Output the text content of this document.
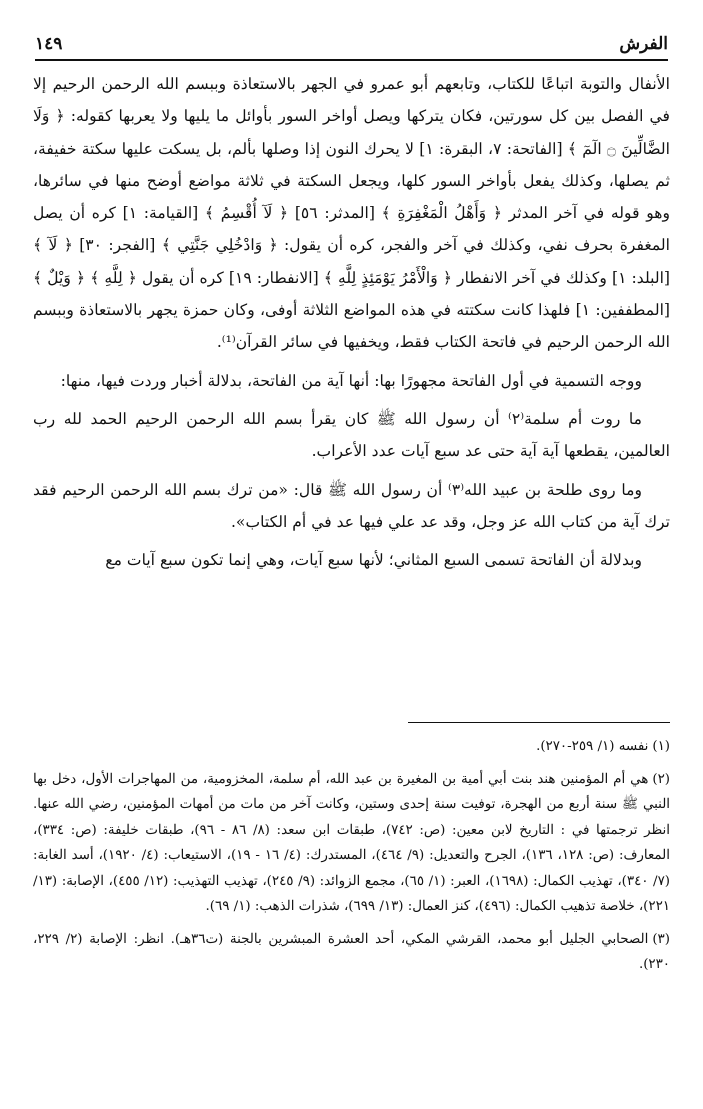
الفرش
١٤٩

الأنفال والتوبة اتباعًا للكتاب، وتابعهم أبو عمرو في الجهر بالاستعاذة وببسم الله الرحمن الرحيم إلا في الفصل بين كل سورتين، فكان يتركها ويصل أواخر السور بأوائل ما يليها ولا يعربها كقوله: ﴿ وَلَا الضَّالِّينَ ۝ الٓمٓ ﴾ [الفاتحة: ٧، البقرة: ١] لا يحرك النون إذا وصلها بألم، بل يسكت عليها سكتة خفيفة، ثم يصلها، وكذلك يفعل بأواخر السور كلها، ويجعل السكتة في ثلاثة مواضع أوضح منها في سائرها، وهو قوله في آخر المدثر ﴿ وَأَهْلُ الْمَغْفِرَةِ ﴾ [المدثر: ٥٦] ﴿ لَآ أُقْسِمُ ﴾ [القيامة: ١] كره أن يصل المغفرة بحرف نفي، وكذلك في آخر والفجر، كره أن يقول: ﴿ وَادْخُلِي جَنَّتِي ﴾ [الفجر: ٣٠] ﴿ لَآ ﴾ [البلد: ١] وكذلك في آخر الانفطار ﴿ وَالْأَمْرُ يَوْمَئِذٍ لِلَّهِ ﴾ [الانفطار: ١٩] كره أن يقول ﴿ لِلَّهِ ﴾ ﴿ وَيْلٌ ﴾ [المطففين: ١] فلهذا كانت سكتته في هذه المواضع الثلاثة أوفى، وكان حمزة يجهر بالاستعاذة وببسم الله الرحمن الرحيم في فاتحة الكتاب فقط، ويخفيها في سائر القرآن⁽¹⁾.

ووجه التسمية في أول الفاتحة مجهورًا بها: أنها آية من الفاتحة، بدلالة أخبار وردت فيها، منها:

ما روت أم سلمة⁽٢⁾ أن رسول الله ﷺ كان يقرأ بسم الله الرحمن الرحيم الحمد لله رب العالمين، يقطعها آية آية حتى عد سبع آيات عدد الأعراب.

وما روى طلحة بن عبيد الله⁽٣⁾ أن رسول الله ﷺ قال: «من ترك بسم الله الرحمن الرحيم فقد ترك آية من كتاب الله عز وجل، وقد عد علي فيها عد في أم الكتاب».

وبدلالة أن الفاتحة تسمى السبع المثاني؛ لأنها سبع آيات، وهي إنما تكون سبع آيات مع

(١)نفسه (١/ ٢٥٩-٢٧٠).

(٢)هي أم المؤمنين هند بنت أبي أمية بن المغيرة بن عبد الله، أم سلمة، المخزومية، من المهاجرات الأول، دخل بها النبي ﷺ سنة أربع من الهجرة، توفيت سنة إحدى وستين، وكانت آخر من مات من أمهات المؤمنين، رضي الله عنها. انظر ترجمتها في : التاريخ لابن معين: (ص: ٧٤٢)، طبقات ابن سعد: (٨/ ٨٦ - ٩٦)، طبقات خليفة: (ص: ٣٣٤)، المعارف: (ص: ١٢٨، ١٣٦)، الجرح والتعديل: (٩/ ٤٦٤)، المستدرك: (٤/ ١٦ - ١٩)، الاستيعاب: (٤/ ١٩٢٠)، أسد الغابة: (٧/ ٣٤٠)، تهذيب الكمال: (١٦٩٨)، العبر: (١/ ٦٥)، مجمع الزوائد: (٩/ ٢٤٥)، تهذيب التهذيب: (١٢/ ٤٥٥)، الإصابة: (١٣/ ٢٢١)، خلاصة تذهيب الكمال: (٤٩٦)، كنز العمال: (١٣/ ٦٩٩)، شذرات الذهب: (١/ ٦٩).

(٣)الصحابي الجليل أبو محمد، القرشي المكي، أحد العشرة المبشرين بالجنة (ت٣٦هـ). انظر: الإصابة (٢/ ٢٢٩، ٢٣٠).
